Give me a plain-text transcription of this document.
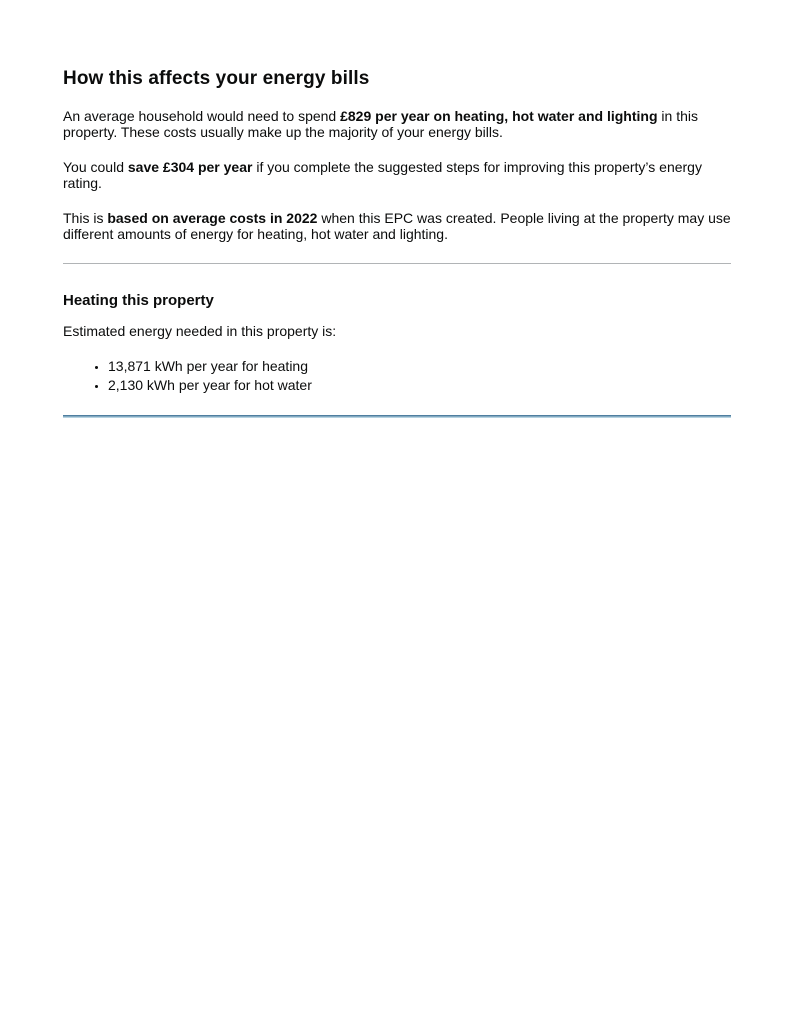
How this affects your energy bills

An average household would need to spend £829 per year on heating, hot water and lighting in this property. These costs usually make up the majority of your energy bills.

You could save £304 per year if you complete the suggested steps for improving this property’s energy rating.

This is based on average costs in 2022 when this EPC was created. People living at the property may use different amounts of energy for heating, hot water and lighting.

Heating this property

Estimated energy needed in this property is:

• 13,871 kWh per year for heating
• 2,130 kWh per year for hot water
